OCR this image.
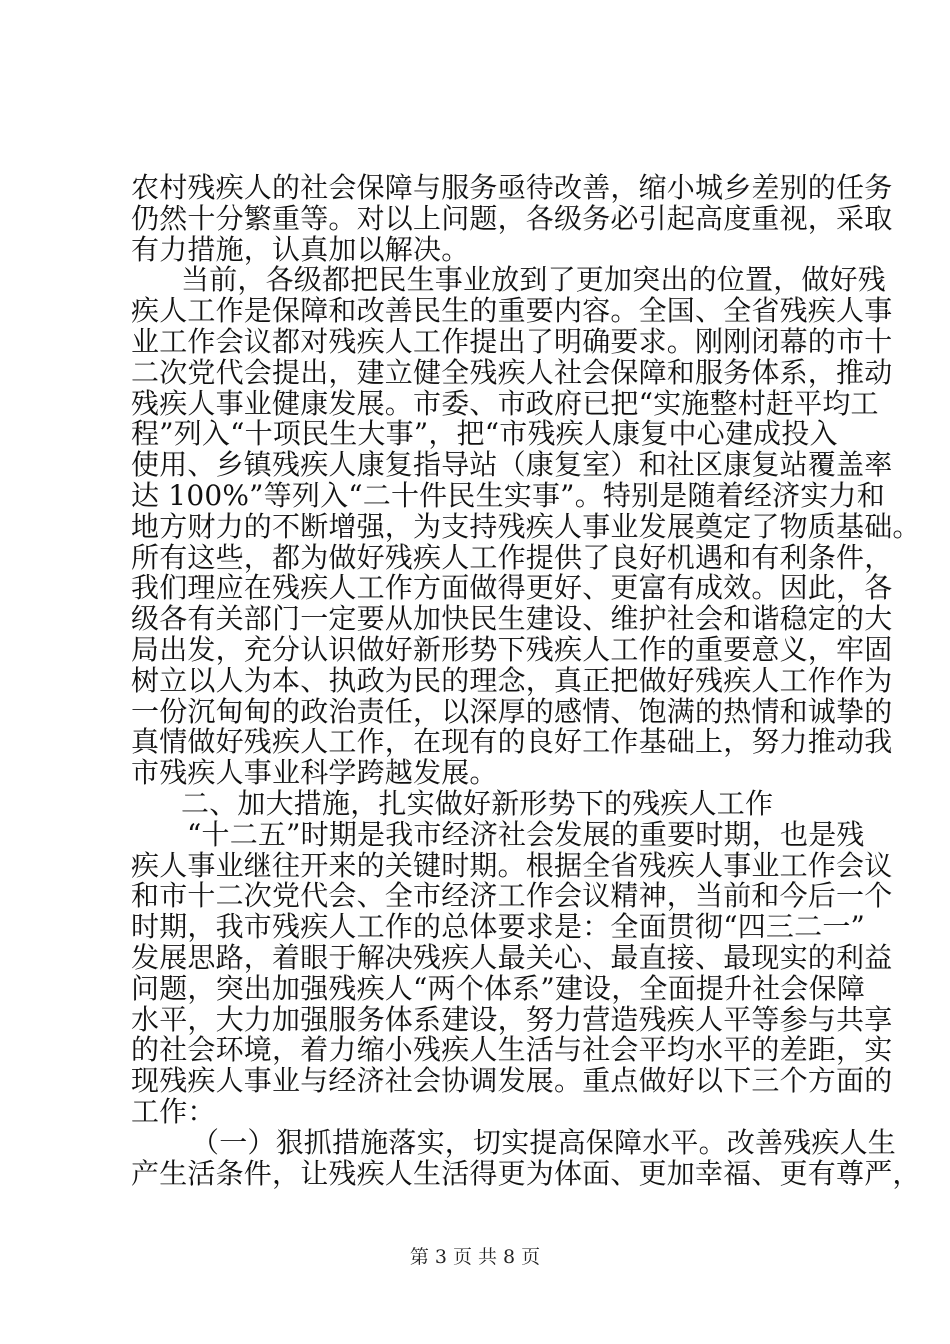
农村残疾人的社会保障与服务亟待改善，缩小城乡差别的任务
仍然十分繁重等。对以上问题，各级务必引起高度重视，采取
有力措施，认真加以解决。
当前，各级都把民生事业放到了更加突出的位置，做好残
疾人工作是保障和改善民生的重要内容。全国、全省残疾人事
业工作会议都对残疾人工作提出了明确要求。刚刚闭幕的市十
二次党代会提出，建立健全残疾人社会保障和服务体系，推动
残疾人事业健康发展。市委、市政府已把“实施整村赶平均工
程”列入“十项民生大事”，把“市残疾人康复中心建成投入
使用、乡镇残疾人康复指导站（康复室）和社区康复站覆盖率
达 100%”等列入“二十件民生实事”。特别是随着经济实力和
地方财力的不断增强，为支持残疾人事业发展奠定了物质基础。
所有这些，都为做好残疾人工作提供了良好机遇和有利条件，
我们理应在残疾人工作方面做得更好、更富有成效。因此，各
级各有关部门一定要从加快民生建设、维护社会和谐稳定的大
局出发，充分认识做好新形势下残疾人工作的重要意义，牢固
树立以人为本、执政为民的理念，真正把做好残疾人工作作为
一份沉甸甸的政治责任，以深厚的感情、饱满的热情和诚挚的
真情做好残疾人工作，在现有的良好工作基础上，努力推动我
市残疾人事业科学跨越发展。
二、加大措施，扎实做好新形势下的残疾人工作
“十二五”时期是我市经济社会发展的重要时期，也是残
疾人事业继往开来的关键时期。根据全省残疾人事业工作会议
和市十二次党代会、全市经济工作会议精神，当前和今后一个
时期，我市残疾人工作的总体要求是：全面贯彻“四三二一”
发展思路，着眼于解决残疾人最关心、最直接、最现实的利益
问题，突出加强残疾人“两个体系”建设，全面提升社会保障
水平，大力加强服务体系建设，努力营造残疾人平等参与共享
的社会环境，着力缩小残疾人生活与社会平均水平的差距，实
现残疾人事业与经济社会协调发展。重点做好以下三个方面的
工作：
（一）狠抓措施落实，切实提高保障水平。改善残疾人生
产生活条件，让残疾人生活得更为体面、更加幸福、更有尊严，
第 3 页 共 8 页
